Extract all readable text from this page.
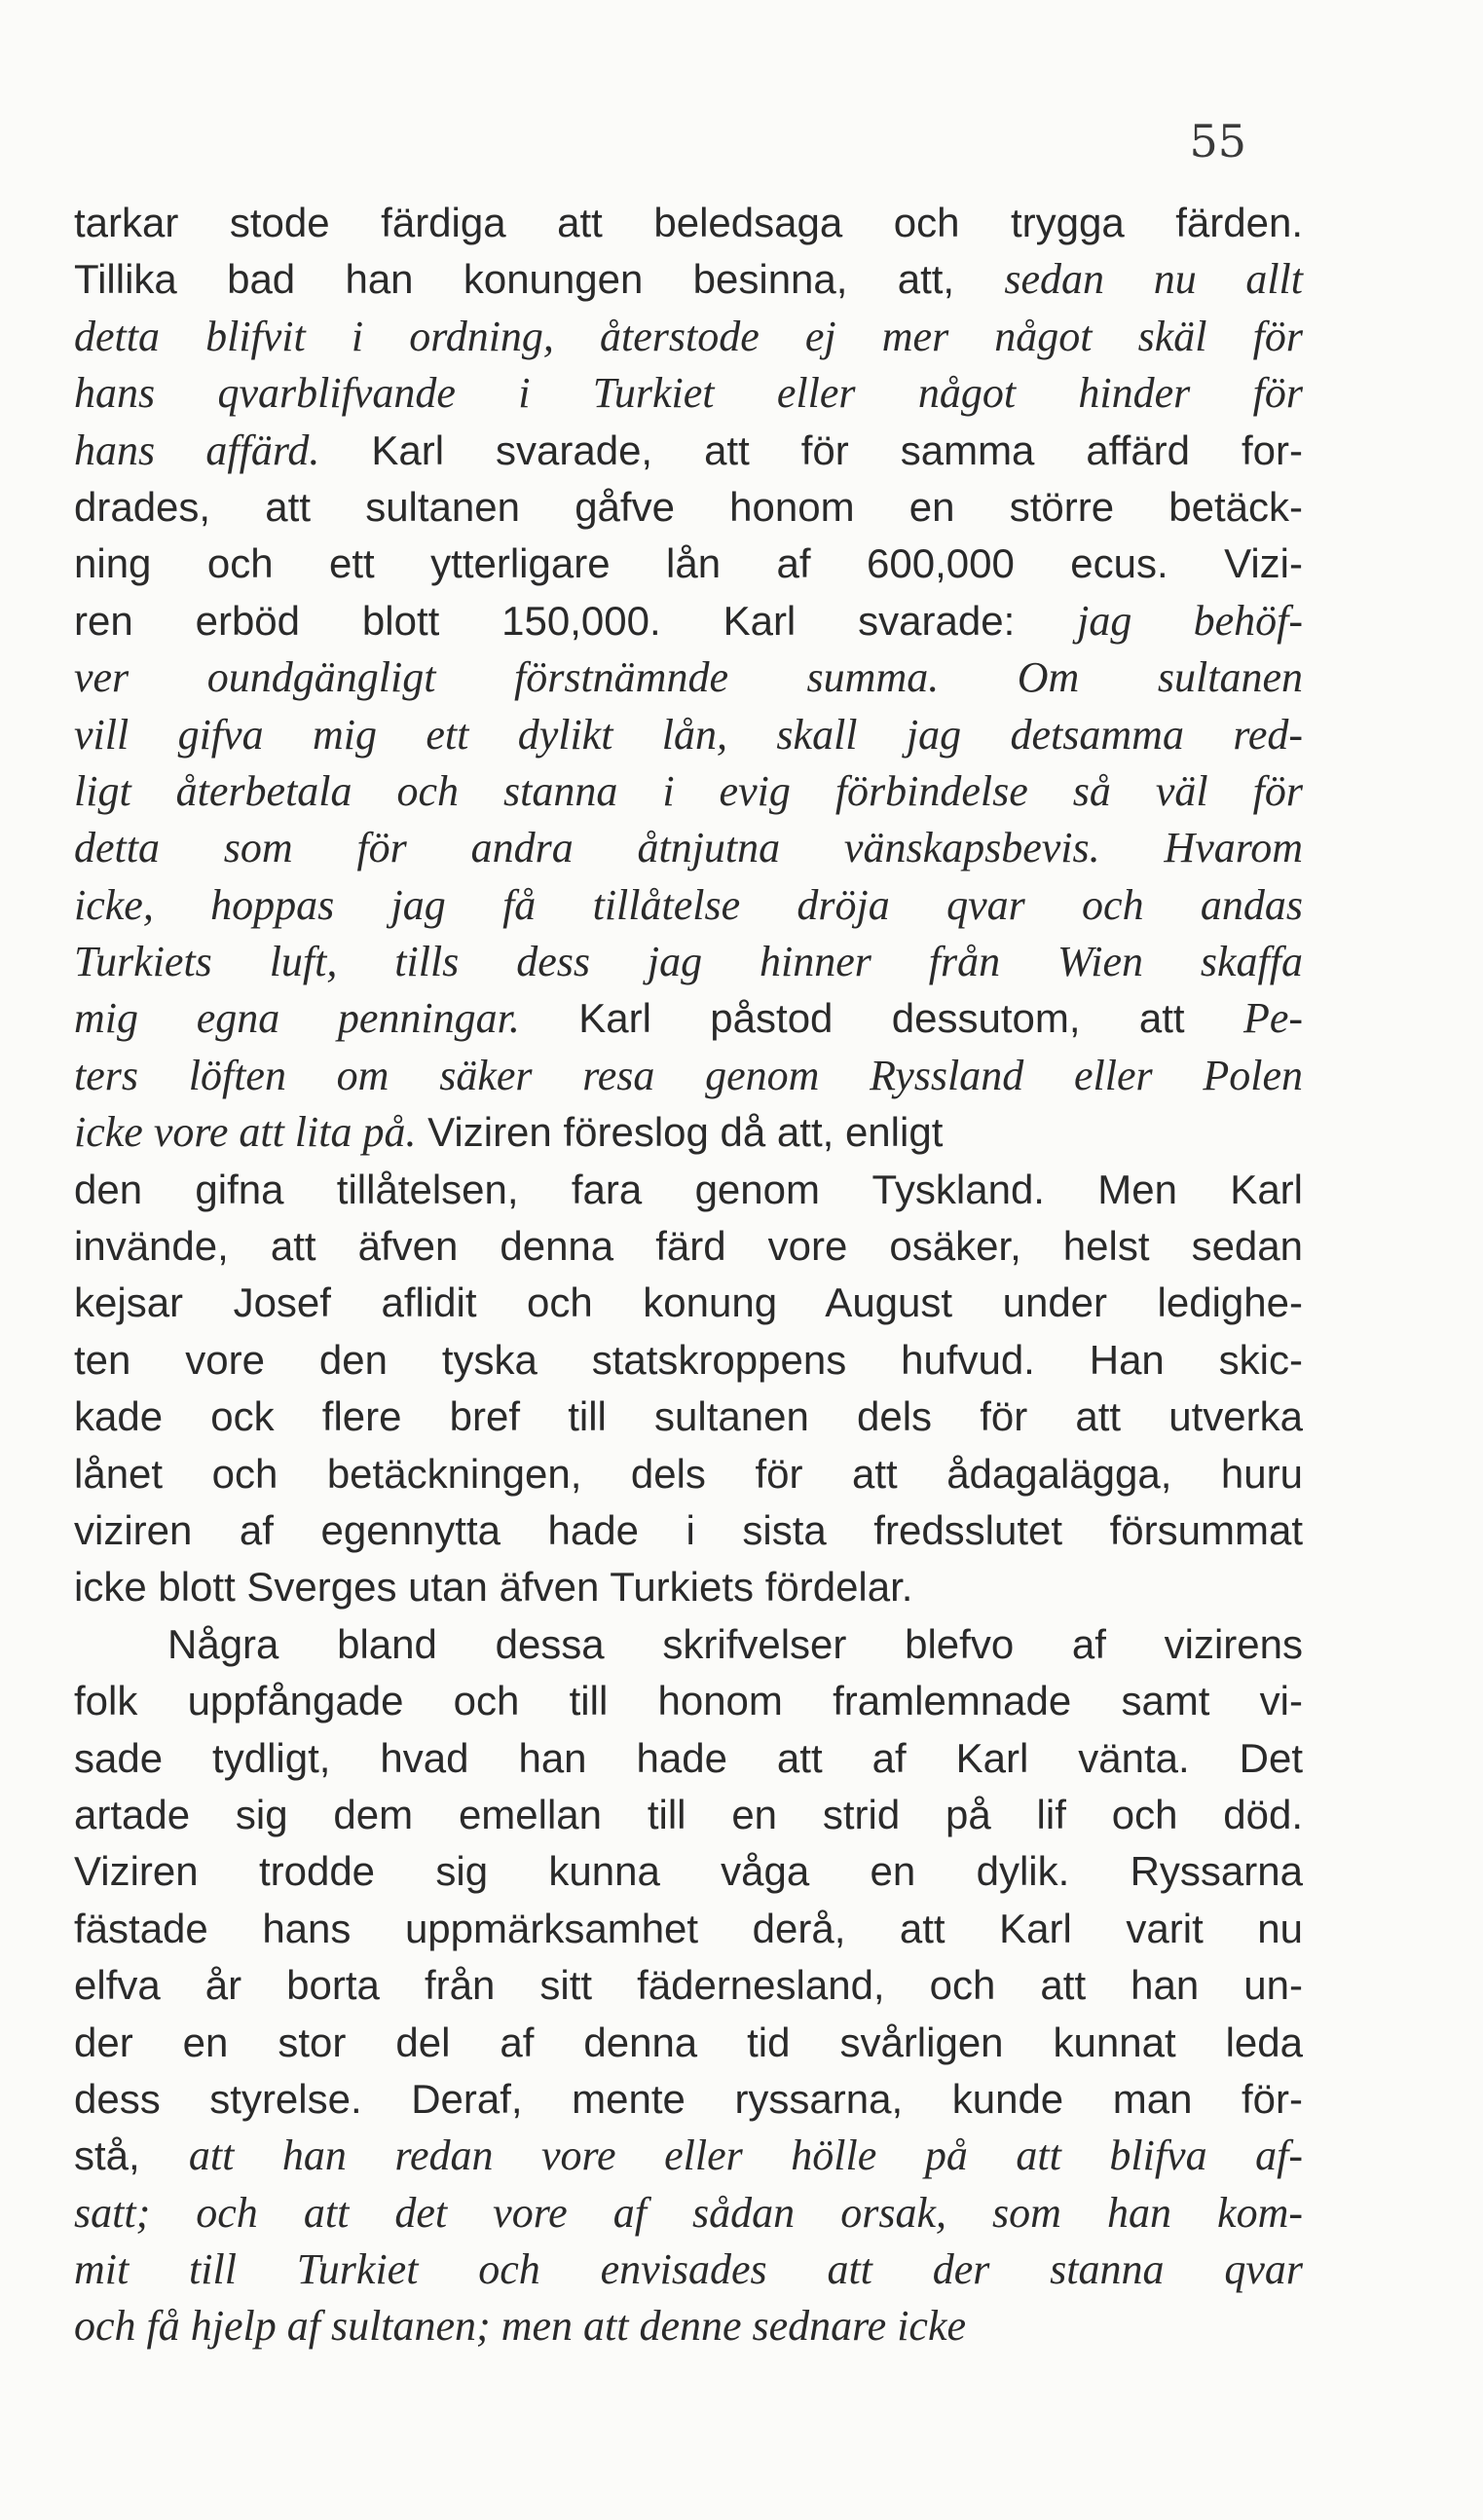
55
tarkar stode färdiga att beledsaga och trygga färden.
Tillika bad han konungen besinna, att, sedan nu allt
detta blifvit i ordning, återstode ej mer något skäl för
hans qvarblifvande i Turkiet eller något hinder för
hans affärd. Karl svarade, att för samma affärd for-
drades, att sultanen gåfve honom en större betäck-
ning och ett ytterligare lån af 600,000 ecus. Vizi-
ren erböd blott 150,000. Karl svarade: jag behöf-
ver oundgängligt förstnämnde summa. Om sultanen
vill gifva mig ett dylikt lån, skall jag detsamma red-
ligt återbetala och stanna i evig förbindelse så väl för
detta som för andra åtnjutna vänskapsbevis. Hvarom
icke, hoppas jag få tillåtelse dröja qvar och andas
Turkiets luft, tills dess jag hinner från Wien skaffa
mig egna penningar. Karl påstod dessutom, att Pe-
ters löften om säker resa genom Ryssland eller Polen
icke vore att lita på. Viziren föreslog då att, enligt
den gifna tillåtelsen, fara genom Tyskland. Men Karl
invände, att äfven denna färd vore osäker, helst sedan
kejsar Josef aflidit och konung August under ledighe-
ten vore den tyska statskroppens hufvud. Han skic-
kade ock flere bref till sultanen dels för att utverka
lånet och betäckningen, dels för att ådagalägga, huru
viziren af egennytta hade i sista fredsslutet försummat
icke blott Sverges utan äfven Turkiets fördelar.
Några bland dessa skrifvelser blefvo af vizirens
folk uppfångade och till honom framlemnade samt vi-
sade tydligt, hvad han hade att af Karl vänta. Det
artade sig dem emellan till en strid på lif och död.
Viziren trodde sig kunna våga en dylik. Ryssarna
fästade hans uppmärksamhet derå, att Karl varit nu
elfva år borta från sitt fädernesland, och att han un-
der en stor del af denna tid svårligen kunnat leda
dess styrelse. Deraf, mente ryssarna, kunde man för-
stå, att han redan vore eller hölle på att blifva af-
satt; och att det vore af sådan orsak, som han kom-
mit till Turkiet och envisades att der stanna qvar
och få hjelp af sultanen; men att denne sednare icke
